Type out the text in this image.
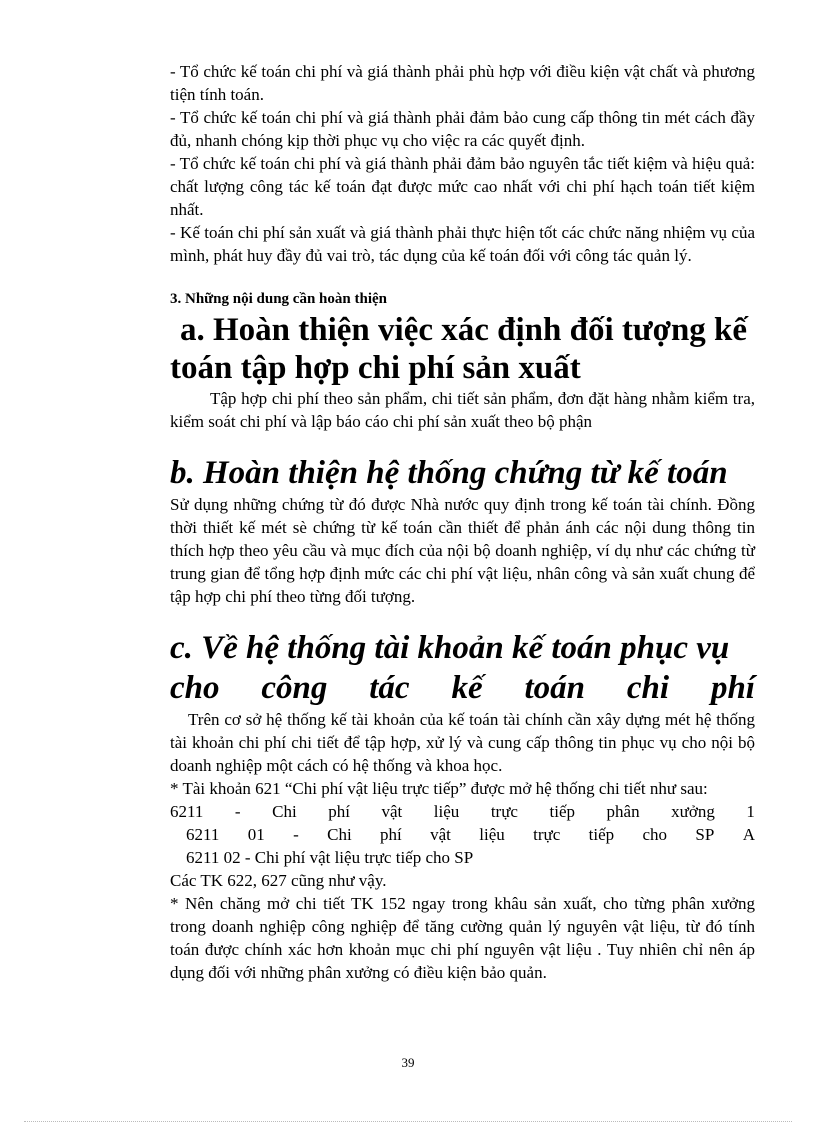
- Tổ chức kế toán chi phí và giá thành phải phù hợp với điều kiện vật chất và phương tiện tính toán.

- Tổ chức kế toán chi phí và giá thành phải đảm bảo cung cấp thông tin mét cách đầy đủ, nhanh chóng kịp thời phục vụ cho việc ra các quyết định.

- Tổ chức kế toán chi phí và giá thành phải đảm bảo nguyên tắc tiết kiệm và hiệu quả: chất lượng công tác kế toán đạt được mức cao nhất với chi phí hạch toán tiết kiệm nhất.

- Kế toán chi phí sản xuất và giá thành phải thực hiện tốt các chức năng nhiệm vụ của mình, phát huy đầy đủ vai trò, tác dụng của kế toán đối với công tác quản lý.

3. Những nội dung cần hoàn thiện

a. Hoàn thiện việc xác định đối tượng kế

toán tập hợp chi phí sản xuất

Tập hợp chi phí theo sản phẩm, chi tiết sản phẩm, đơn đặt hàng nhằm kiểm tra, kiểm soát chi phí và lập báo cáo chi phí sản xuất theo bộ phận

b. Hoàn thiện hệ thống chứng từ kế toán

Sử dụng những chứng từ đó được Nhà nước quy định trong kế toán tài chính. Đồng thời thiết kế mét sè chứng từ kế toán cần thiết để phản ánh các nội dung thông tin thích hợp theo yêu cầu và mục đích của nội bộ doanh nghiệp, ví dụ như các chứng từ trung gian để tổng hợp định mức các chi phí vật liệu, nhân công và sản xuất chung để tập hợp chi phí theo từng đối tượng.

c. Về hệ thống tài khoản kế toán phục vụ

cho công tác kế toán chi phí

Trên cơ sở hệ thống kế tài khoản của kế toán tài chính cần xây dựng mét hệ thống tài khoản chi phí chi tiết để tập hợp, xử lý và cung cấp thông tin phục vụ cho nội bộ doanh nghiệp một cách có hệ thống và khoa học.

* Tài khoản 621 “Chi phí vật liệu trực tiếp” được mở hệ thống chi tiết như sau:

6211 - Chi phí vật liệu trực tiếp phân xưởng 1
6211 01 - Chi phí vật liệu trực tiếp cho SP A

6211 02 - Chi phí vật liệu trực tiếp cho SP

Các TK 622, 627 cũng như vậy.

* Nên chăng mở chi tiết TK 152 ngay trong khâu sản xuất, cho từng phân xưởng trong doanh nghiệp công nghiệp để tăng cường quản lý nguyên vật liệu, từ đó tính toán được chính xác hơn khoản mục chi phí nguyên vật liệu . Tuy nhiên chỉ nên áp dụng đối với những phân xưởng có điều kiện bảo quản.

39
